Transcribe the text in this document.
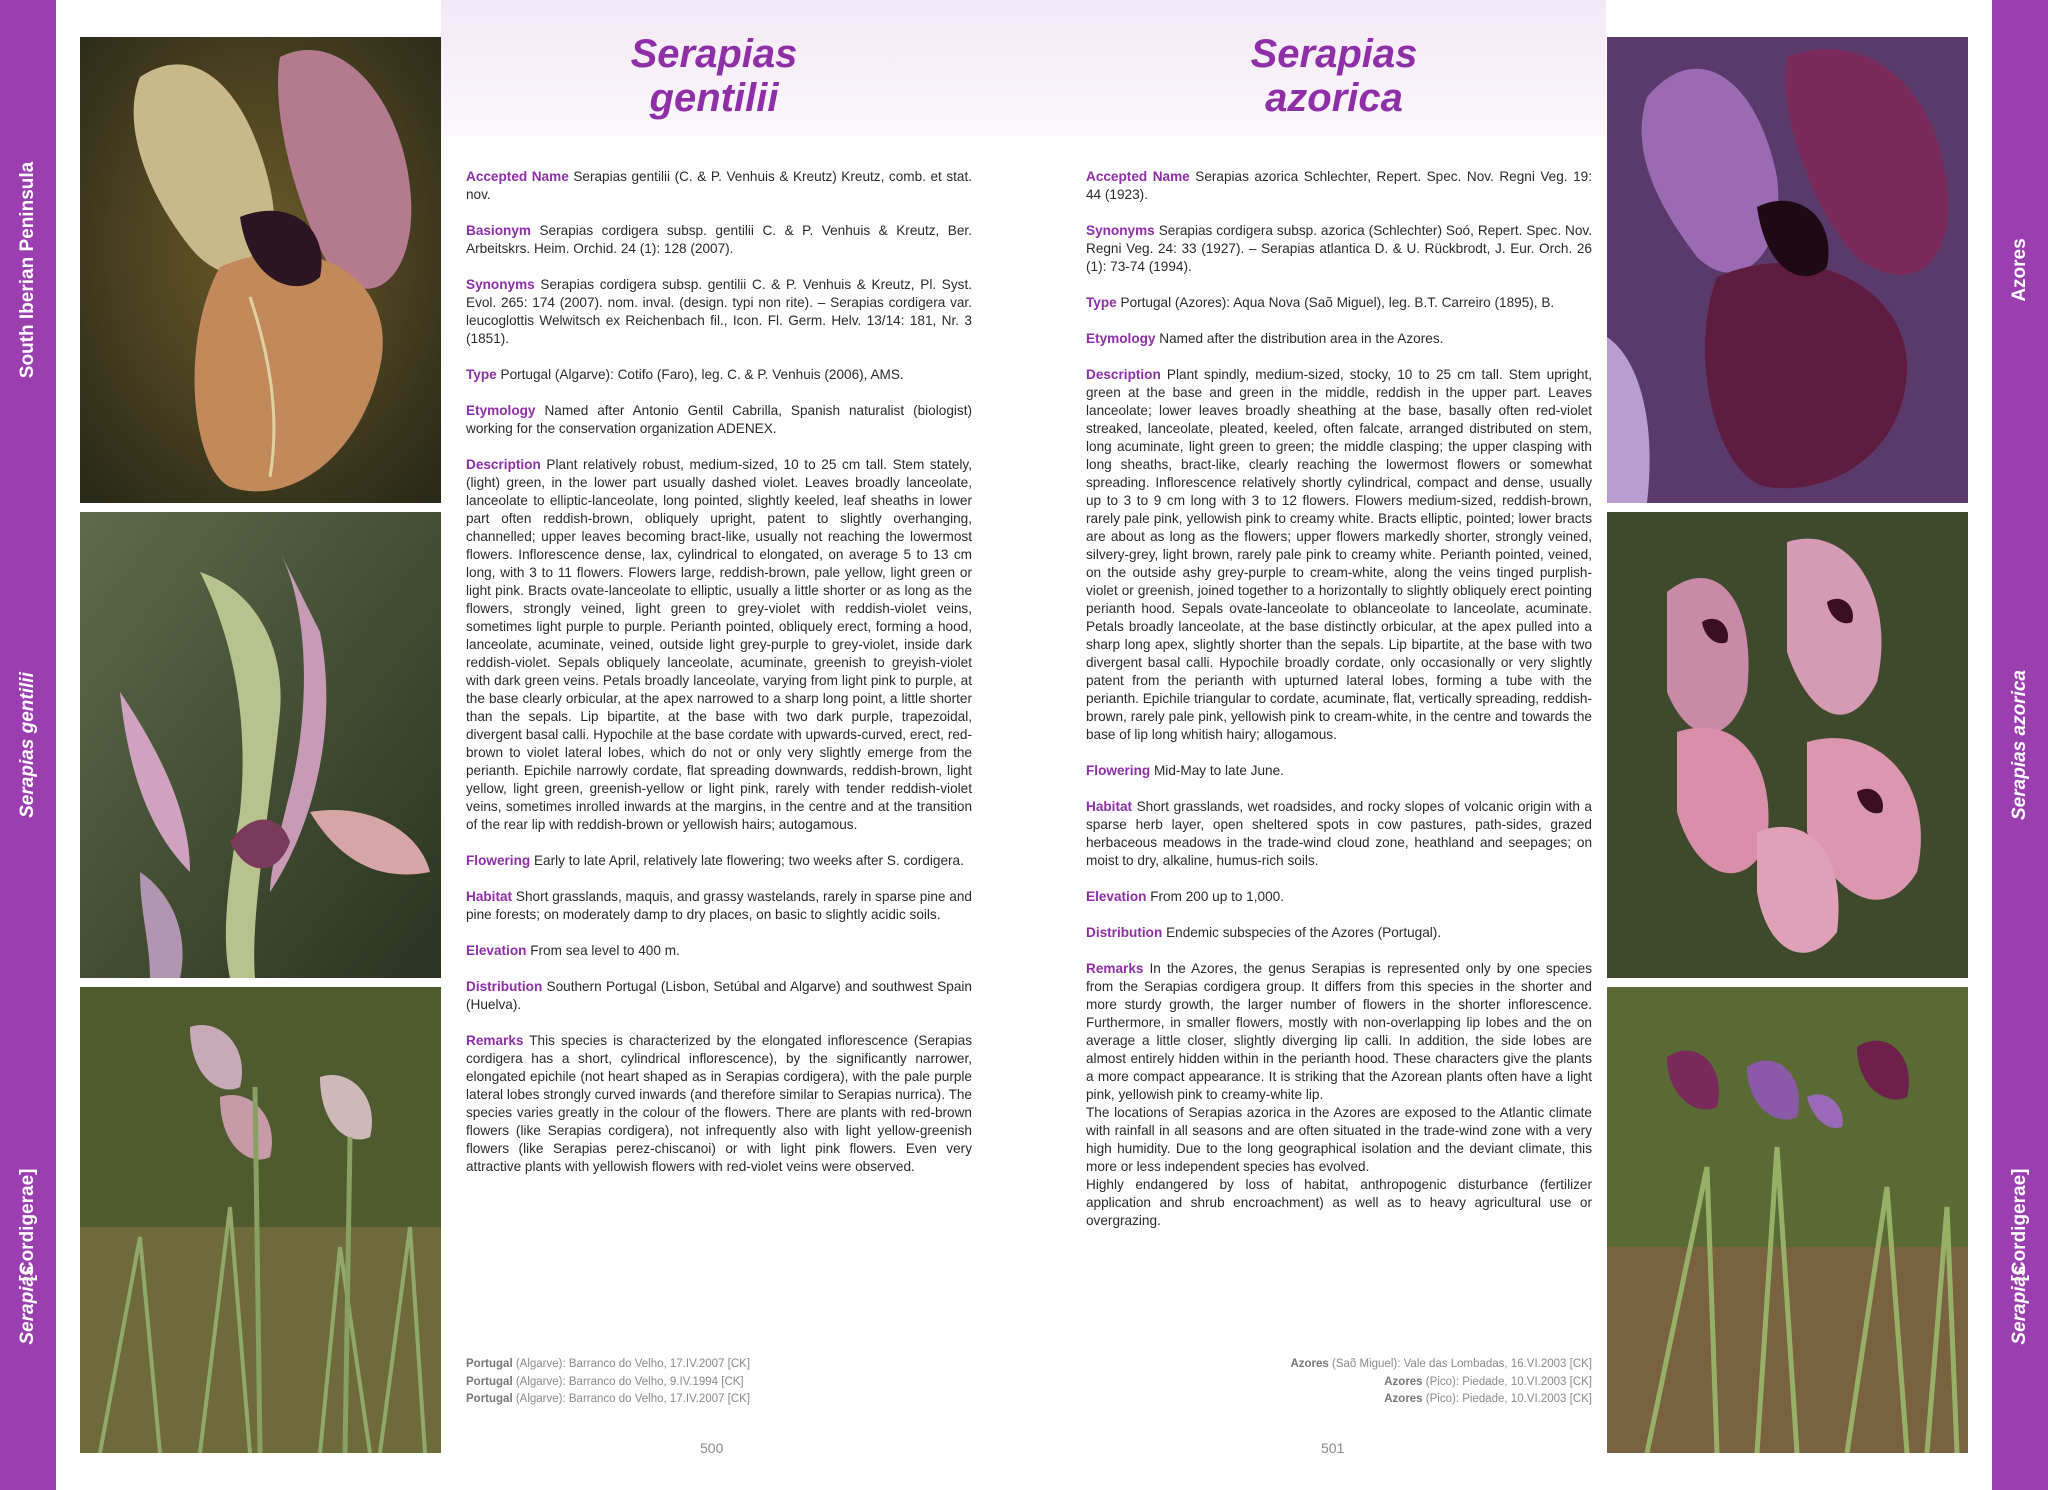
South Iberian Peninsula
Serapias gentilii
[Cordigerae]
Serapias
Azores
Serapias azorica
[Cordigerae]
Serapias
Serapias
gentilii

Accepted Name Serapias gentilii (C. & P. Venhuis & Kreutz) Kreutz, comb. et stat. nov.

Basionym Serapias cordigera subsp. gentilii C. & P. Venhuis & Kreutz, Ber. Arbeitskrs. Heim. Orchid. 24 (1): 128 (2007).

Synonyms Serapias cordigera subsp. gentilii C. & P. Venhuis & Kreutz, Pl. Syst. Evol. 265: 174 (2007). nom. inval. (design. typi non rite). – Serapias cordigera var. leucoglottis Welwitsch ex Reichenbach fil., Icon. Fl. Germ. Helv. 13/14: 181, Nr. 3 (1851).

Type Portugal (Algarve): Cotifo (Faro), leg. C. & P. Venhuis (2006), AMS.

Etymology Named after Antonio Gentil Cabrilla, Spanish naturalist (biologist) working for the conservation organization ADENEX.

Description Plant relatively robust, medium-sized, 10 to 25 cm tall. Stem stately, (light) green, in the lower part usually dashed violet. Leaves broadly lanceolate, lanceolate to elliptic-lanceolate, long pointed, slightly keeled, leaf sheaths in lower part often reddish-brown, obliquely upright, patent to slightly overhanging, channelled; upper leaves becoming bract-like, usually not reaching the lowermost flowers. Inflorescence dense, lax, cylindrical to elongated, on average 5 to 13 cm long, with 3 to 11 flowers. Flowers large, reddish-brown, pale yellow, light green or light pink. Bracts ovate-lanceolate to elliptic, usually a little shorter or as long as the flowers, strongly veined, light green to grey-violet with reddish-violet veins, sometimes light purple to purple. Perianth pointed, obliquely erect, forming a hood, lanceolate, acuminate, veined, outside light grey-purple to grey-violet, inside dark reddish-violet. Sepals obliquely lanceolate, acuminate, greenish to greyish-violet with dark green veins. Petals broadly lanceolate, varying from light pink to purple, at the base clearly orbicular, at the apex narrowed to a sharp long point, a little shorter than the sepals. Lip bipartite, at the base with two dark purple, trapezoidal, divergent basal calli. Hypochile at the base cordate with upwards-curved, erect, red-brown to violet lateral lobes, which do not or only very slightly emerge from the perianth. Epichile narrowly cordate, flat spreading downwards, reddish-brown, light yellow, light green, greenish-yellow or light pink, rarely with tender reddish-violet veins, sometimes inrolled inwards at the margins, in the centre and at the transition of the rear lip with reddish-brown or yellowish hairs; autogamous.

Flowering Early to late April, relatively late flowering; two weeks after S. cordigera.

Habitat Short grasslands, maquis, and grassy wastelands, rarely in sparse pine and pine forests; on moderately damp to dry places, on basic to slightly acidic soils.

Elevation From sea level to 400 m.

Distribution Southern Portugal (Lisbon, Setúbal and Algarve) and southwest Spain (Huelva).

Remarks This species is characterized by the elongated inflorescence (Serapias cordigera has a short, cylindrical inflorescence), by the significantly narrower, elongated epichile (not heart shaped as in Serapias cordigera), with the pale purple lateral lobes strongly curved inwards (and therefore similar to Serapias nurrica). The species varies greatly in the colour of the flowers. There are plants with red-brown flowers (like Serapias cordigera), not infrequently also with light yellow-greenish flowers (like Serapias perez-chiscanoi) or with light pink flowers. Even very attractive plants with yellowish flowers with red-violet veins were observed.

Portugal (Algarve): Barranco do Velho, 17.IV.2007 [CK]
Portugal (Algarve): Barranco do Velho, 9.IV.1994 [CK]
Portugal (Algarve): Barranco do Velho, 17.IV.2007 [CK]
500
Serapias
azorica

Accepted Name Serapias azorica Schlechter, Repert. Spec. Nov. Regni Veg. 19: 44 (1923).

Synonyms Serapias cordigera subsp. azorica (Schlechter) Soó, Repert. Spec. Nov. Regni Veg. 24: 33 (1927). – Serapias atlantica D. & U. Rückbrodt, J. Eur. Orch. 26 (1): 73-74 (1994).

Type Portugal (Azores): Aqua Nova (Saõ Miguel), leg. B.T. Carreiro (1895), B.

Etymology Named after the distribution area in the Azores.

Description Plant spindly, medium-sized, stocky, 10 to 25 cm tall. Stem upright, green at the base and green in the middle, reddish in the upper part. Leaves lanceolate; lower leaves broadly sheathing at the base, basally often red-violet streaked, lanceolate, pleated, keeled, often falcate, arranged distributed on stem, long acuminate, light green to green; the middle clasping; the upper clasping with long sheaths, bract-like, clearly reaching the lowermost flowers or somewhat spreading. Inflorescence relatively shortly cylindrical, compact and dense, usually up to 3 to 9 cm long with 3 to 12 flowers. Flowers medium-sized, reddish-brown, rarely pale pink, yellowish pink to creamy white. Bracts elliptic, pointed; lower bracts are about as long as the flowers; upper flowers markedly shorter, strongly veined, silvery-grey, light brown, rarely pale pink to creamy white. Perianth pointed, veined, on the outside ashy grey-purple to cream-white, along the veins tinged purplish-violet or greenish, joined together to a horizontally to slightly obliquely erect pointing perianth hood. Sepals ovate-lanceolate to oblanceolate to lanceolate, acuminate. Petals broadly lanceolate, at the base distinctly orbicular, at the apex pulled into a sharp long apex, slightly shorter than the sepals. Lip bipartite, at the base with two divergent basal calli. Hypochile broadly cordate, only occasionally or very slightly patent from the perianth with upturned lateral lobes, forming a tube with the perianth. Epichile triangular to cordate, acuminate, flat, vertically spreading, reddish-brown, rarely pale pink, yellowish pink to cream-white, in the centre and towards the base of lip long whitish hairy; allogamous.

Flowering Mid-May to late June.

Habitat Short grasslands, wet roadsides, and rocky slopes of volcanic origin with a sparse herb layer, open sheltered spots in cow pastures, path-sides, grazed herbaceous meadows in the trade-wind cloud zone, heathland and seepages; on moist to dry, alkaline, humus-rich soils.

Elevation From 200 up to 1,000.

Distribution Endemic subspecies of the Azores (Portugal).

Remarks In the Azores, the genus Serapias is represented only by one species from the Serapias cordigera group. It differs from this species in the shorter and more sturdy growth, the larger number of flowers in the shorter inflorescence. Furthermore, in smaller flowers, mostly with non-overlapping lip lobes and the on average a little closer, slightly diverging lip calli. In addition, the side lobes are almost entirely hidden within in the perianth hood. These characters give the plants a more compact appearance. It is striking that the Azorean plants often have a light pink, yellowish pink to creamy-white lip.

The locations of Serapias azorica in the Azores are exposed to the Atlantic climate with rainfall in all seasons and are often situated in the trade-wind zone with a very high humidity. Due to the long geographical isolation and the deviant climate, this more or less independent species has evolved.

Highly endangered by loss of habitat, anthropogenic disturbance (fertilizer application and shrub encroachment) as well as to heavy agricultural use or overgrazing.

Azores (Saõ Miguel): Vale das Lombadas, 16.VI.2003 [CK]
Azores (Pico): Piedade, 10.VI.2003 [CK]
Azores (Pico): Piedade, 10.VI.2003 [CK]
501
